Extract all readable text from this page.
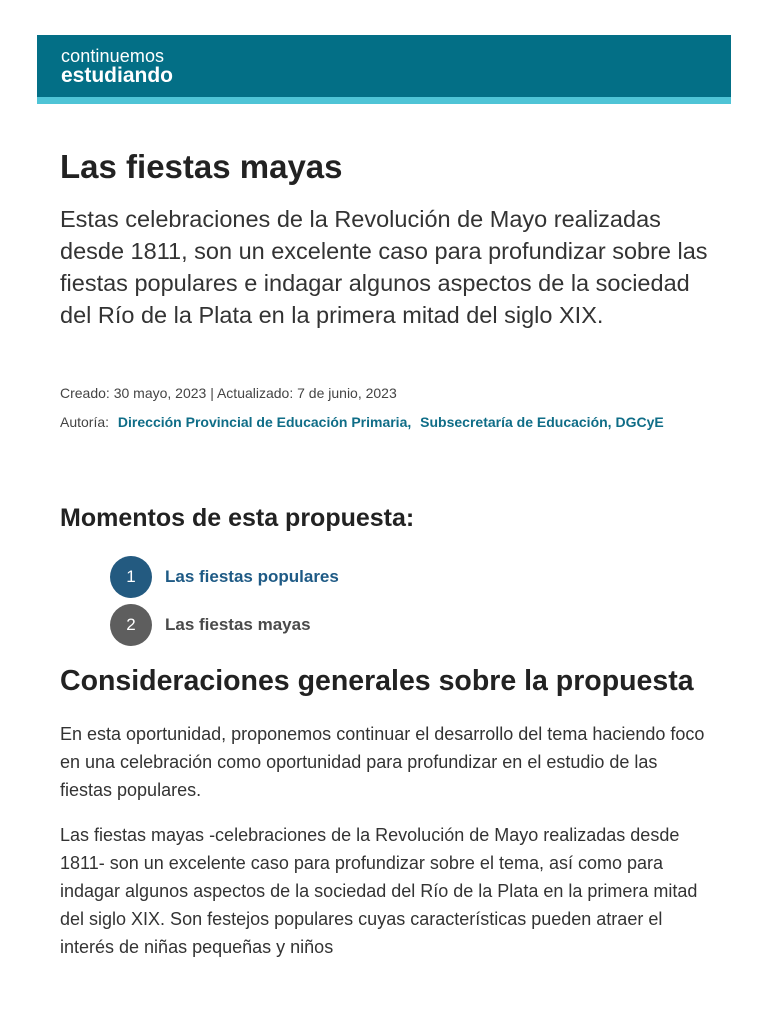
continuemos
estudiando
Las fiestas mayas

Estas celebraciones de la Revolución de Mayo realizadas desde 1811, son un excelente caso para profundizar sobre las fiestas populares e indagar algunos aspectos de la sociedad del Río de la Plata en la primera mitad del siglo XIX.

Creado: 30 mayo, 2023 | Actualizado: 7 de junio, 2023

Autoría: Dirección Provincial de Educación Primaria, Subsecretaría de Educación, DGCyE

Momentos de esta propuesta:
1	Las fiestas populares
2	Las fiestas mayas
Consideraciones generales sobre la propuesta

En esta oportunidad, proponemos continuar el desarrollo del tema haciendo foco en una celebración como oportunidad para profundizar en el estudio de las fiestas populares.

Las fiestas mayas -celebraciones de la Revolución de Mayo realizadas desde 1811- son un excelente caso para profundizar sobre el tema, así como para indagar algunos aspectos de la sociedad del Río de la Plata en la primera mitad del siglo XIX. Son festejos populares cuyas características pueden atraer el interés de niñas pequeñas y niños
